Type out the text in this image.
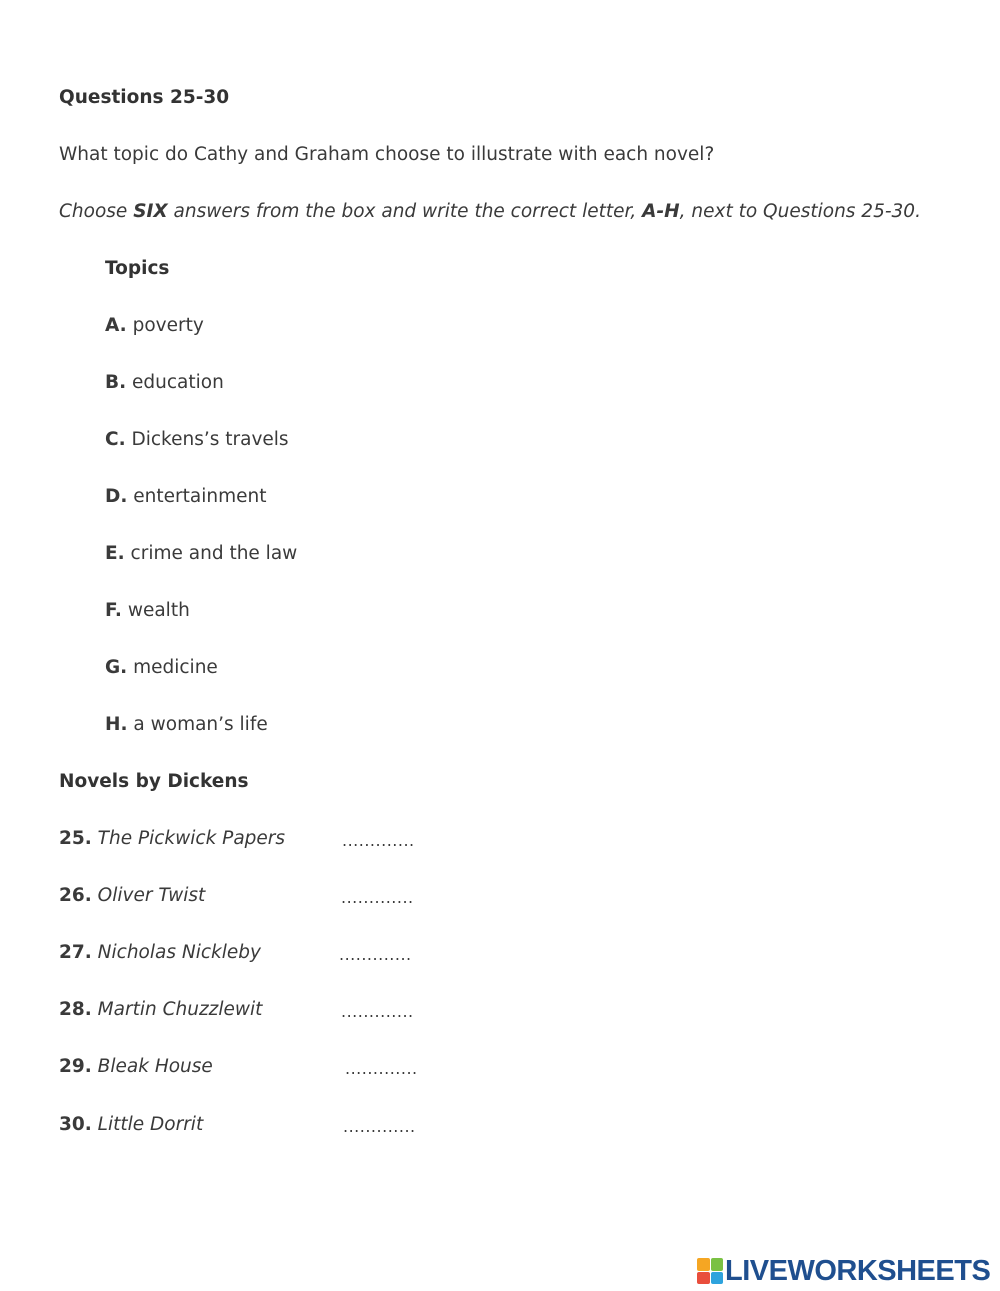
Questions 25-30
What topic do Cathy and Graham choose to illustrate with each novel?
Choose SIX answers from the box and write the correct letter, A-H, next to Questions 25-30.
Topics
A. poverty
B. education
C. Dickens’s travels
D. entertainment
E. crime and the law
F. wealth
G. medicine
H. a woman’s life
Novels by Dickens
25. The Pickwick Papers	.............
26. Oliver Twist	.............
27. Nicholas Nickleby	.............
28. Martin Chuzzlewit	.............
29. Bleak House	.............
30. Little Dorrit	.............
LIVEWORKSHEETS
